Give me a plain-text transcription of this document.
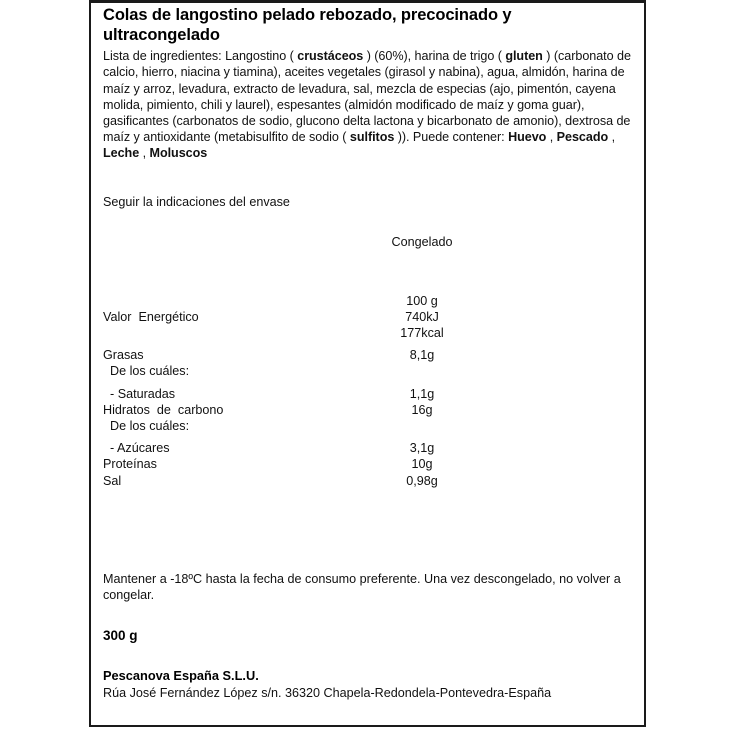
Colas de langostino pelado rebozado, precocinado y ultracongelado
Lista de ingredientes: Langostino ( crustáceos ) (60%), harina de trigo ( gluten ) (carbonato de calcio, hierro, niacina y tiamina), aceites vegetales (girasol y nabina), agua, almidón, harina de maíz y arroz, levadura, extracto de levadura, sal, mezcla de especias (ajo, pimentón, cayena molida, pimiento, chili y laurel), espesantes (almidón modificado de maíz y goma guar), gasificantes (carbonatos de sodio, glucono delta lactona y bicarbonato de amonio), dextrosa de maíz y antioxidante (metabisulfito de sodio ( sulfitos )). Puede contener: Huevo , Pescado , Leche , Moluscos
Seguir la indicaciones del envase
	Congelado	

	100 g	
Valor  Energético	740kJ	
	177kcal	

Grasas	8,1g	
De los cuáles:		

- Saturadas	1,1g	
Hidratos  de  carbono	16g	
De los cuáles:		

- Azúcares	3,1g	
Proteínas	10g	
Sal	0,98g	
Mantener a -18ºC hasta la fecha de consumo preferente. Una vez descongelado, no volver a congelar.
300 g
Pescanova España S.L.U.
Rúa José Fernández López s/n. 36320 Chapela-Redondela-Pontevedra-España
